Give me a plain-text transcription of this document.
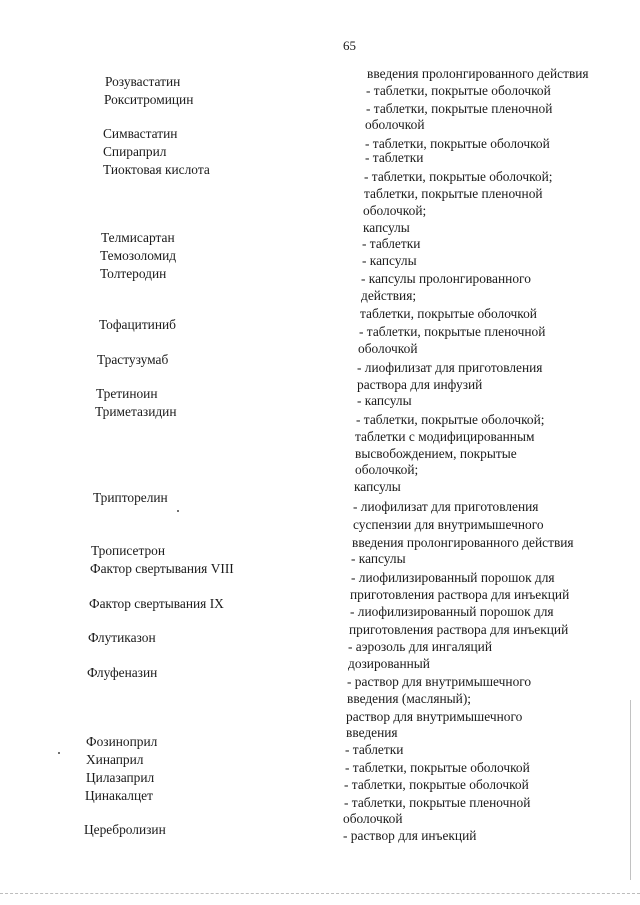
65
Розувастатин
Рокситромицин
Симвастатин
Спираприл
Тиоктовая кислота
Телмисартан
Темозоломид
Толтеродин
Тофацитиниб
Трастузумаб
Третиноин
Триметазидин
Трипторелин
Трописетрон
Фактор свертывания VIII
Фактор свертывания IX
Флутиказон
Флуфеназин
Фозиноприл
Хинаприл
Цилазаприл
Цинакалцет
Церебролизин
введения пролонгированного действия
- таблетки, покрытые оболочкой
- таблетки, покрытые пленочной
оболочкой
- таблетки, покрытые оболочкой
- таблетки
- таблетки, покрытые оболочкой;
таблетки, покрытые пленочной
оболочкой;
капсулы
- таблетки
- капсулы
- капсулы пролонгированного
действия;
таблетки, покрытые оболочкой
- таблетки, покрытые пленочной
оболочкой
- лиофилизат для приготовления
раствора для инфузий
- капсулы
- таблетки, покрытые оболочкой;
таблетки с модифицированным
высвобождением, покрытые
оболочкой;
капсулы
- лиофилизат для приготовления
суспензии для внутримышечного
введения пролонгированного действия
- капсулы
- лиофилизированный порошок для
приготовления раствора для инъекций
- лиофилизированный порошок для
приготовления раствора для инъекций
- аэрозоль для ингаляций
дозированный
- раствор для внутримышечного
введения (масляный);
раствор для внутримышечного
введения
- таблетки
- таблетки, покрытые оболочкой
- таблетки, покрытые оболочкой
- таблетки, покрытые пленочной
оболочкой
- раствор для инъекций
